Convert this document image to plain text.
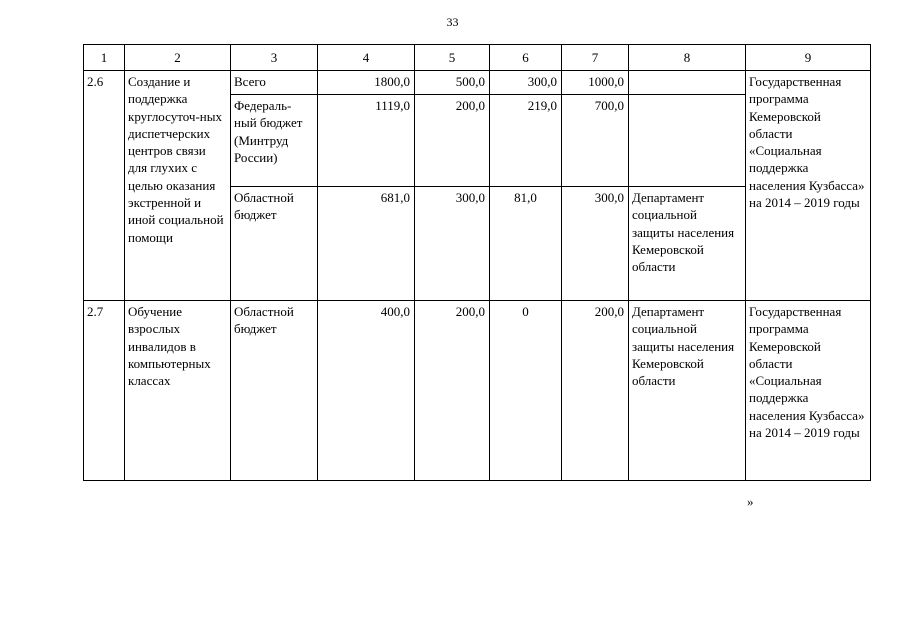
33
1	2	3	4	5	6	7	8	9
2.6	Создание и поддержка круглосуточ-ных диспетчерских центров связи для глухих с целью оказания экстренной и иной социальной помощи	Всего	1800,0	500,0	300,0	1000,0		Государственная программа Кемеровской области «Социальная поддержка населения Кузбасса» на 2014 – 2019 годы
		Федераль-ный бюджет (Минтруд России)	1119,0	200,0	219,0	700,0		
		Областной бюджет	681,0	300,0	81,0	300,0	Департамент социальной защиты населения Кемеровской области	
2.7	Обучение взрослых инвалидов в компьютерных классах	Областной бюджет	400,0	200,0	0	200,0	Департамент социальной защиты населения Кемеровской области	Государственная программа Кемеровской области «Социальная поддержка населения Кузбасса» на 2014 – 2019 годы
»
